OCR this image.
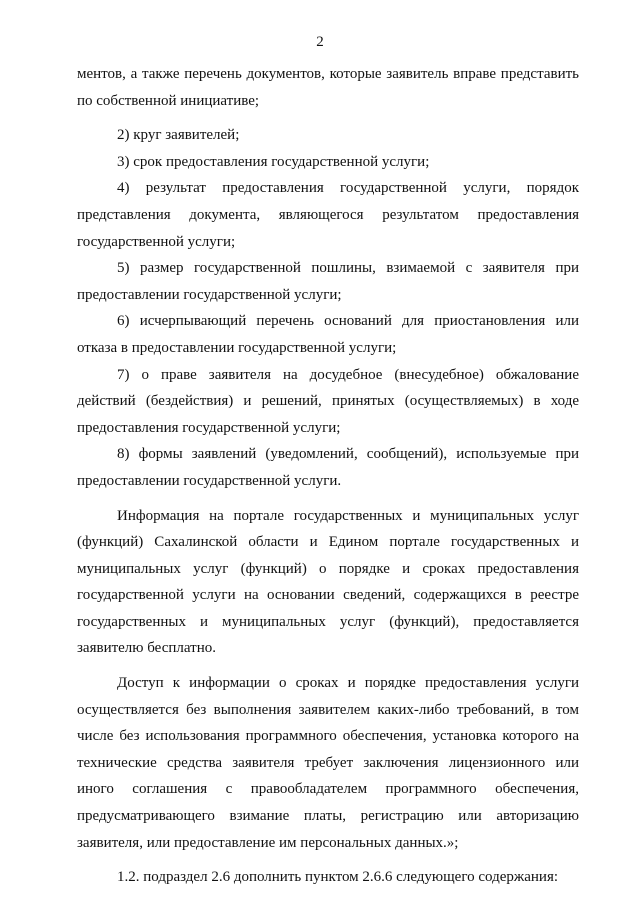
2

ментов, а также перечень документов, которые заявитель вправе представить по собственной инициативе;

2) круг заявителей;

3) срок предоставления государственной услуги;

4) результат предоставления государственной услуги, порядок представления документа, являющегося результатом предоставления государственной услуги;

5) размер государственной пошлины, взимаемой с заявителя при предоставлении государственной услуги;

6) исчерпывающий перечень оснований для приостановления или отказа в предоставлении государственной услуги;

7) о праве заявителя на досудебное (внесудебное) обжалование действий (бездействия) и решений, принятых (осуществляемых) в ходе предоставления государственной услуги;

8) формы заявлений (уведомлений, сообщений), используемые при предоставлении государственной услуги.

Информация на портале государственных и муниципальных услуг (функций) Сахалинской области и Едином портале государственных и муниципальных услуг (функций) о порядке и сроках предоставления государственной услуги на основании сведений, содержащихся в реестре государственных и муниципальных услуг (функций), предоставляется заявителю бесплатно.

Доступ к информации о сроках и порядке предоставления услуги осуществляется без выполнения заявителем каких-либо требований, в том числе без использования программного обеспечения, установка которого на технические средства заявителя требует заключения лицензионного или иного соглашения с правообладателем программного обеспечения, предусматривающего взимание платы, регистрацию или авторизацию заявителя, или предоставление им персональных данных.»;

1.2. подраздел 2.6 дополнить пунктом 2.6.6 следующего содержания:
